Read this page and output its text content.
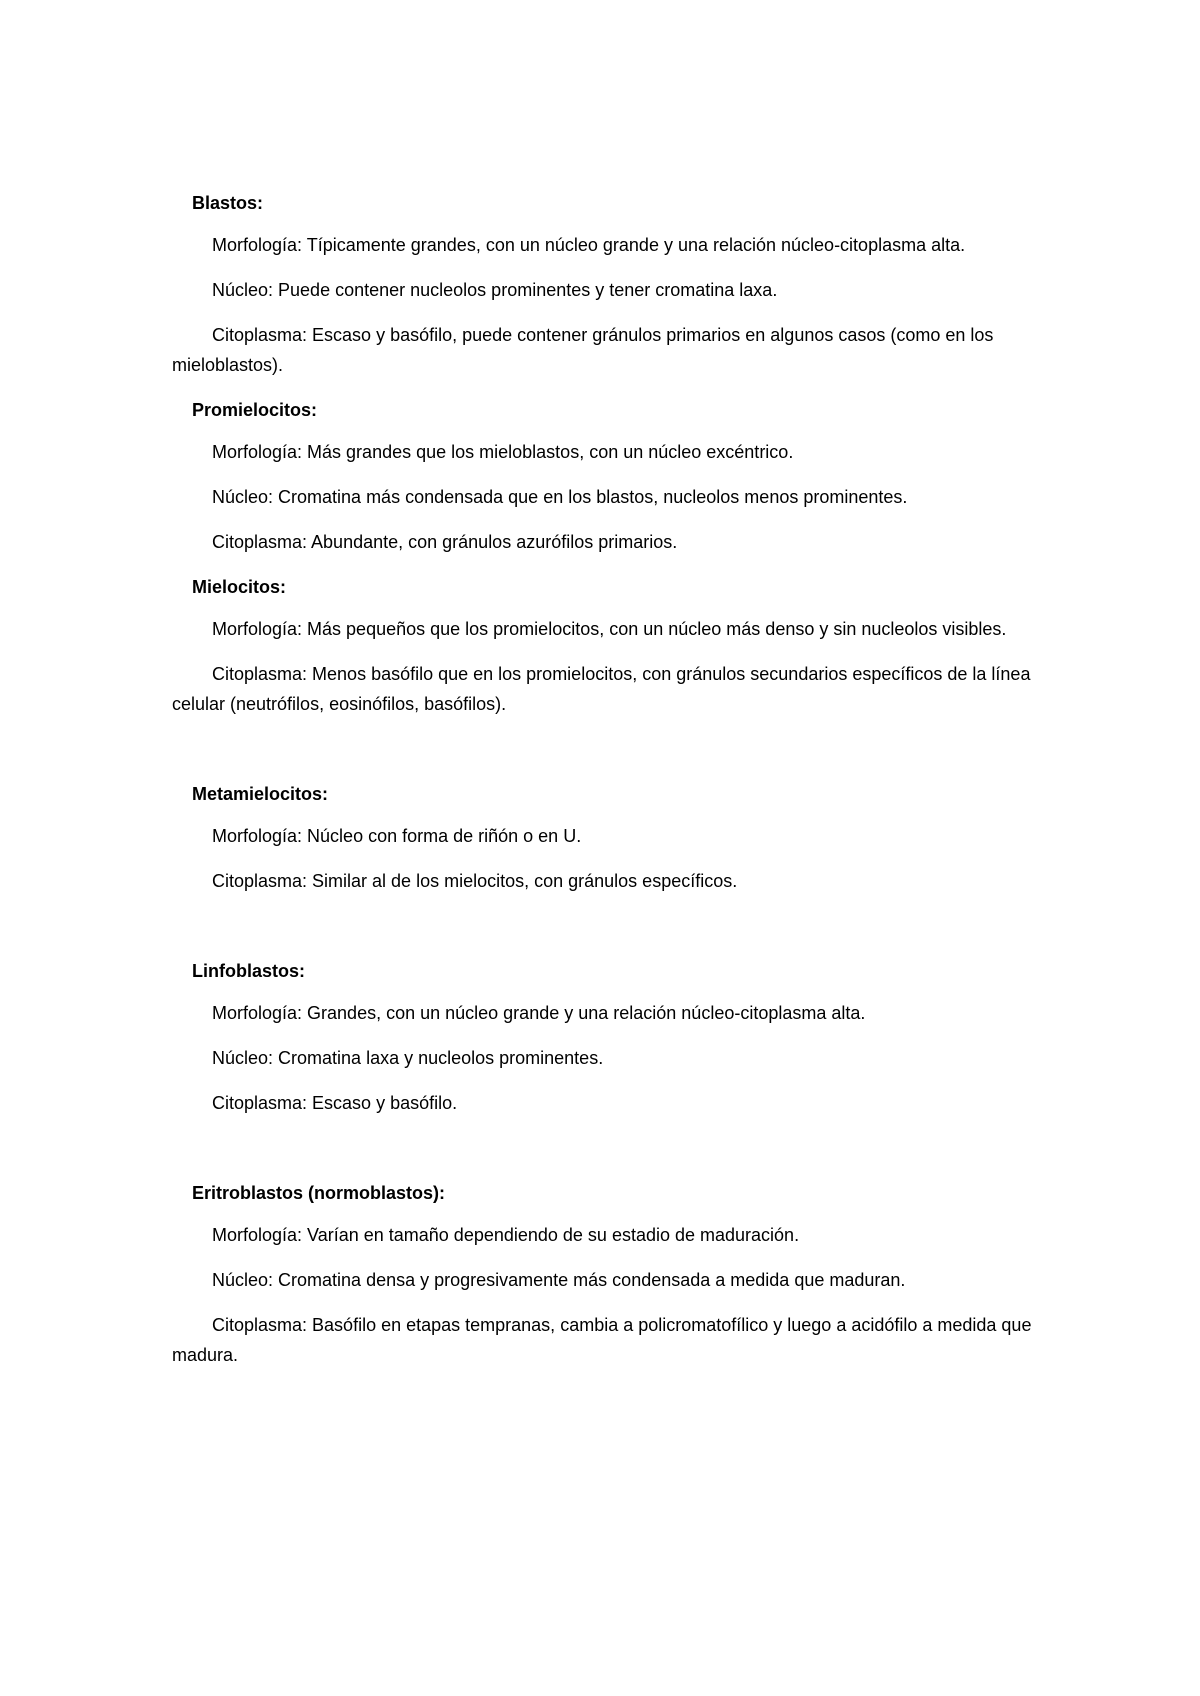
Blastos:

Morfología: Típicamente grandes, con un núcleo grande y una relación núcleo-citoplasma alta.

Núcleo: Puede contener nucleolos prominentes y tener cromatina laxa.

Citoplasma: Escaso y basófilo, puede contener gránulos primarios en algunos casos (como en los mieloblastos).

Promielocitos:

Morfología: Más grandes que los mieloblastos, con un núcleo excéntrico.

Núcleo: Cromatina más condensada que en los blastos, nucleolos menos prominentes.

Citoplasma: Abundante, con gránulos azurófilos primarios.

Mielocitos:

Morfología: Más pequeños que los promielocitos, con un núcleo más denso y sin nucleolos visibles.

Citoplasma: Menos basófilo que en los promielocitos, con gránulos secundarios específicos de la línea celular (neutrófilos, eosinófilos, basófilos).

Metamielocitos:

Morfología: Núcleo con forma de riñón o en U.

Citoplasma: Similar al de los mielocitos, con gránulos específicos.

Linfoblastos:

Morfología: Grandes, con un núcleo grande y una relación núcleo-citoplasma alta.

Núcleo: Cromatina laxa y nucleolos prominentes.

Citoplasma: Escaso y basófilo.

Eritroblastos (normoblastos):

Morfología: Varían en tamaño dependiendo de su estadio de maduración.

Núcleo: Cromatina densa y progresivamente más condensada a medida que maduran.

Citoplasma: Basófilo en etapas tempranas, cambia a policromatofílico y luego a acidófilo a medida que madura.
